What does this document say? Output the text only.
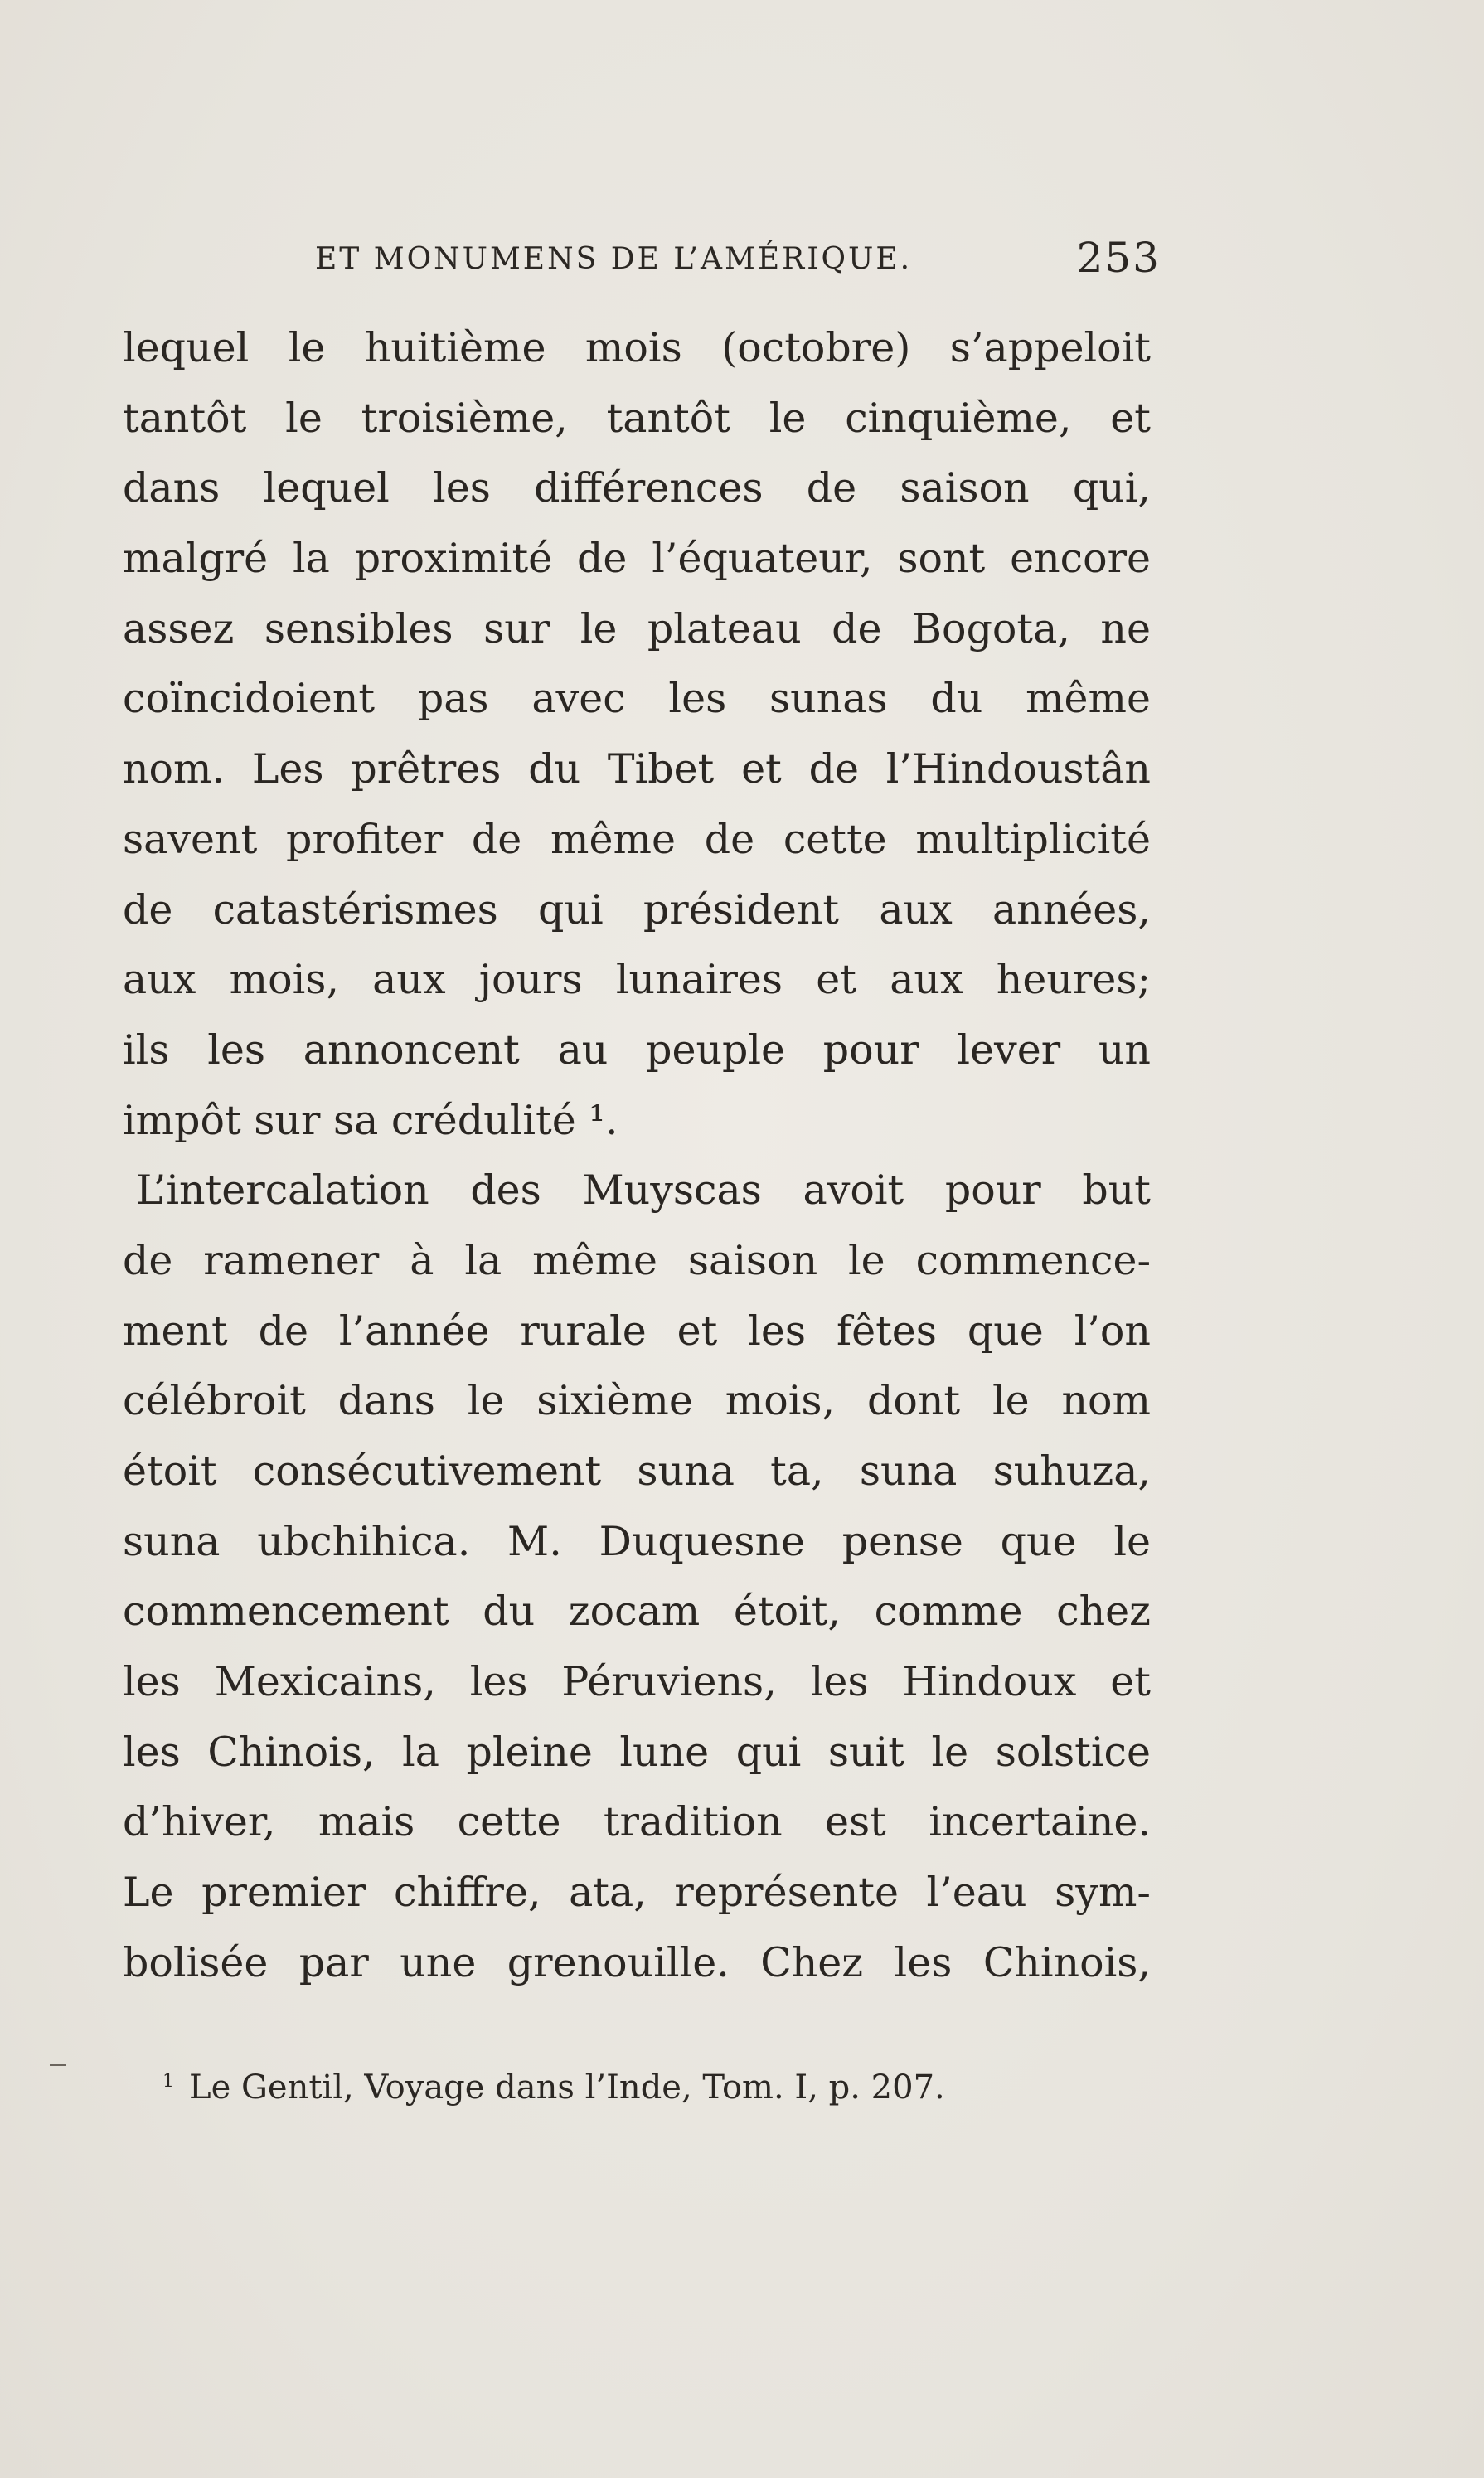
ET MONUMENS DE L’AMÉRIQUE.	253
lequel le huitième mois (octobre) s’appeloit
tantôt le troisième, tantôt le cinquième, et
dans lequel les différences de saison qui,
malgré la proximité de l’équateur, sont encore
assez sensibles sur le plateau de Bogota, ne
coïncidoient pas avec les sunas du même
nom. Les prêtres du Tibet et de l’Hindoustân
savent profiter de même de cette multiplicité
de catastérismes qui président aux années,
aux mois, aux jours lunaires et aux heures;
ils les annoncent au peuple pour lever un
impôt sur sa crédulité ¹.
L’intercalation des Muyscas avoit pour but
de ramener à la même saison le commence-
ment de l’année rurale et les fêtes que l’on
célébroit dans le sixième mois, dont le nom
étoit consécutivement suna ta, suna suhuza,
suna ubchihica. M. Duquesne pense que le
commencement du zocam étoit, comme chez
les Mexicains, les Péruviens, les Hindoux et
les Chinois, la pleine lune qui suit le solstice
d’hiver, mais cette tradition est incertaine.
Le premier chiffre, ata, représente l’eau sym-
bolisée par une grenouille. Chez les Chinois,
$^1$ Le Gentil, Voyage dans l’Inde, Tom. I, p. 207.
